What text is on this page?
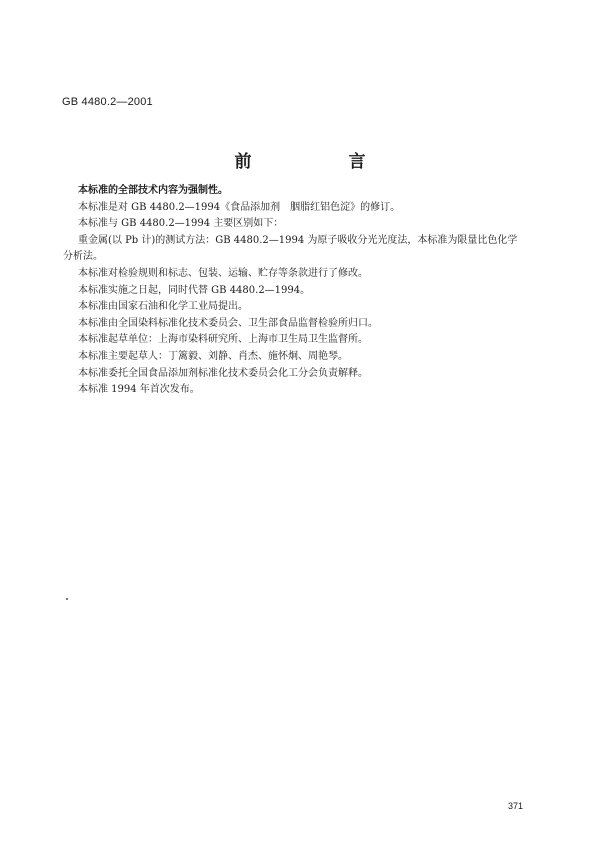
GB 4480.2—2001
前　言

本标准的全部技术内容为强制性。

本标准是对 GB 4480.2—1994《食品添加剂　胭脂红铝色淀》的修订。

本标准与 GB 4480.2—1994 主要区别如下：

重金属(以 Pb 计)的测试方法：GB 4480.2—1994 为原子吸收分光光度法，本标准为限量比色化学
分析法。

本标准对检验规则和标志、包装、运输、贮存等条款进行了修改。

本标准实施之日起，同时代替 GB 4480.2—1994。

本标准由国家石油和化学工业局提出。

本标准由全国染料标准化技术委员会、卫生部食品监督检验所归口。

本标准起草单位：上海市染料研究所、上海市卫生局卫生监督所。

本标准主要起草人：丁篱毅、刘静、肖杰、施怀炯、周艳琴。

本标准委托全国食品添加剂标准化技术委员会化工分会负责解释。

本标准 1994 年首次发布。

371
